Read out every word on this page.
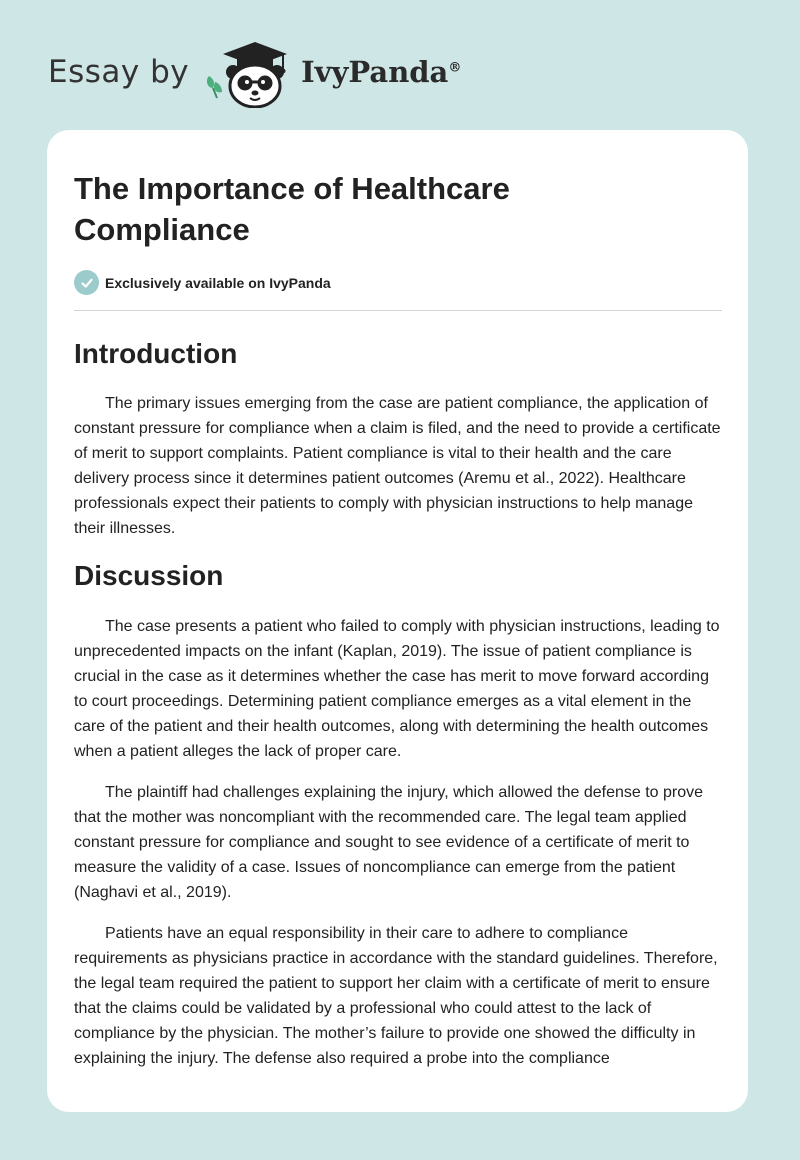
Essay by	IvyPanda®
The Importance of Healthcare Compliance
Exclusively available on IvyPanda
Introduction

The primary issues emerging from the case are patient compliance, the application of constant pressure for compliance when a claim is filed, and the need to provide a certificate of merit to support complaints. Patient compliance is vital to their health and the care delivery process since it determines patient outcomes (Aremu et al., 2022). Healthcare professionals expect their patients to comply with physician instructions to help manage their illnesses.

Discussion

The case presents a patient who failed to comply with physician instructions, leading to unprecedented impacts on the infant (Kaplan, 2019). The issue of patient compliance is crucial in the case as it determines whether the case has merit to move forward according to court proceedings. Determining patient compliance emerges as a vital element in the care of the patient and their health outcomes, along with determining the health outcomes when a patient alleges the lack of proper care.

The plaintiff had challenges explaining the injury, which allowed the defense to prove that the mother was noncompliant with the recommended care. The legal team applied constant pressure for compliance and sought to see evidence of a certificate of merit to measure the validity of a case. Issues of noncompliance can emerge from the patient (Naghavi et al., 2019).

Patients have an equal responsibility in their care to adhere to compliance requirements as physicians practice in accordance with the standard guidelines. Therefore, the legal team required the patient to support her claim with a certificate of merit to ensure that the claims could be validated by a professional who could attest to the lack of compliance by the physician. The mother’s failure to provide one showed the difficulty in explaining the injury. The defense also required a probe into the compliance
